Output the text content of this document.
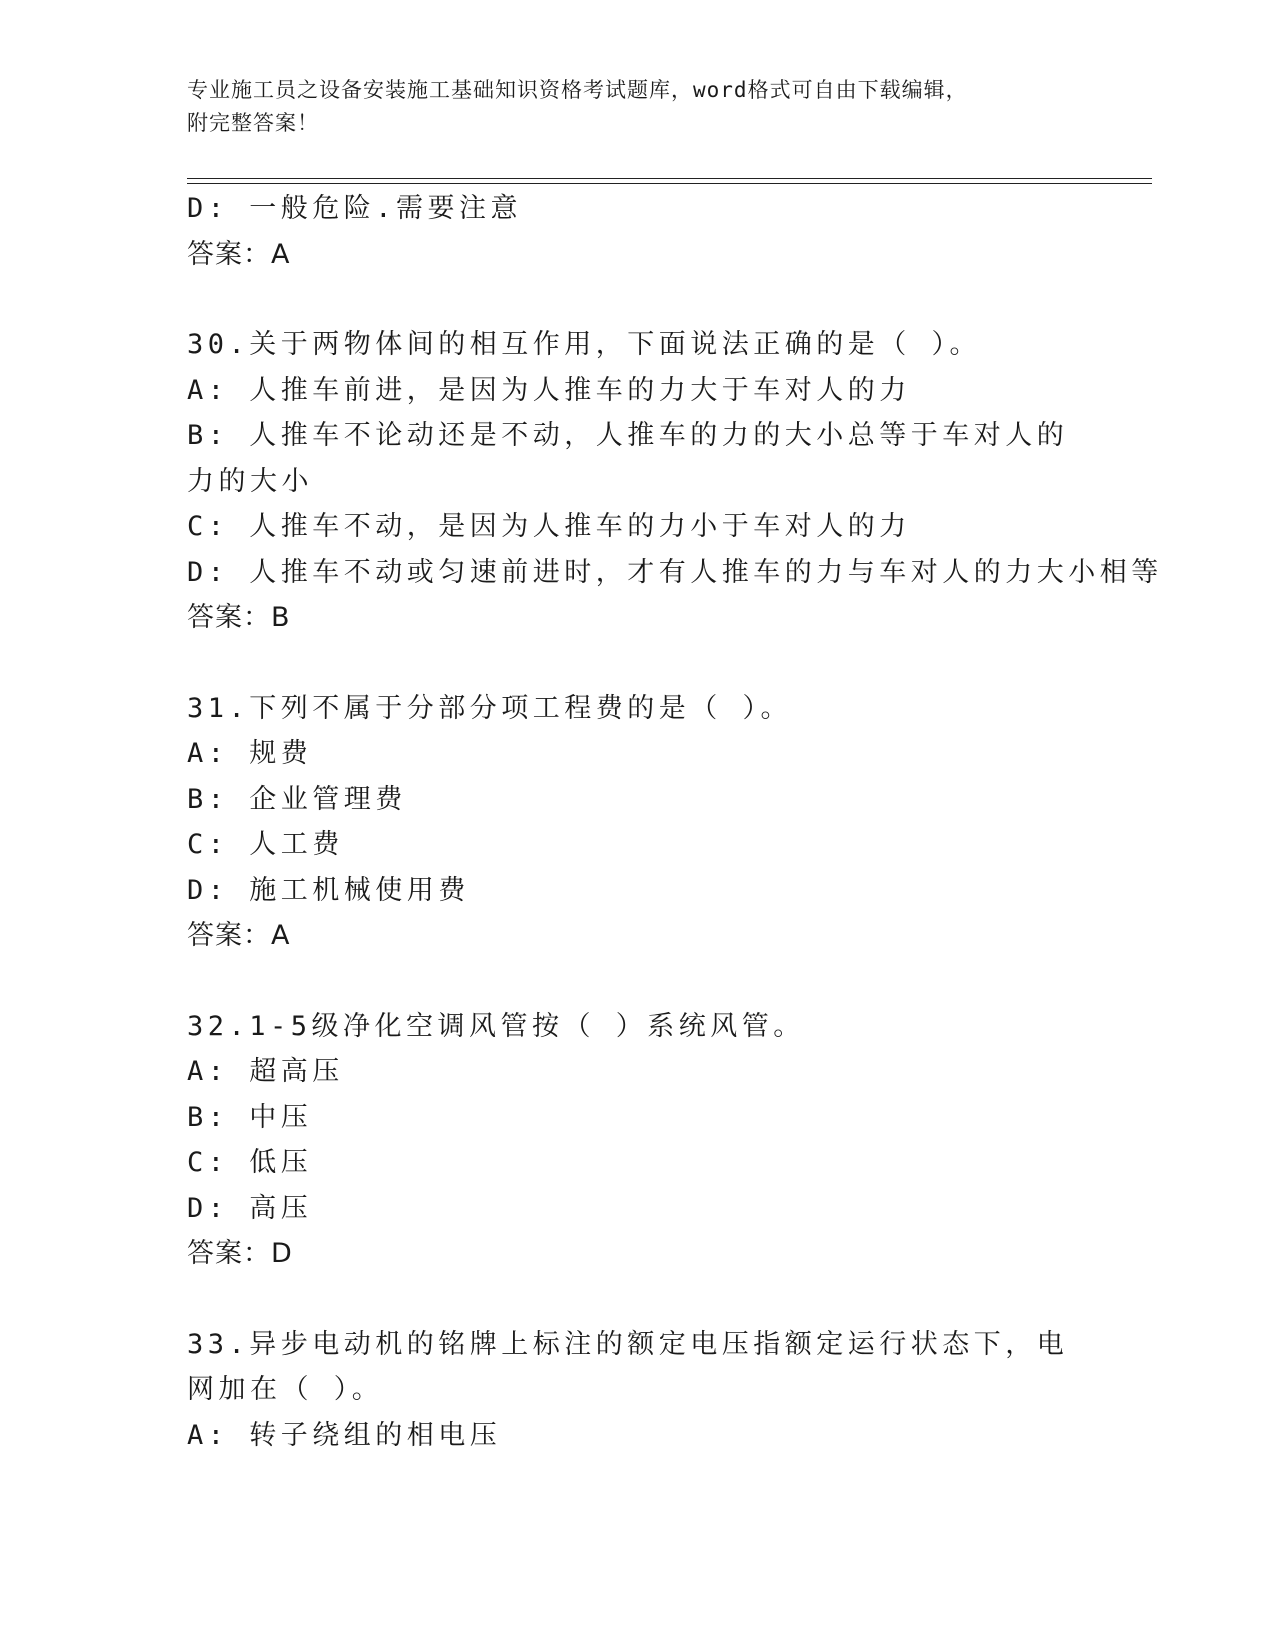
专业施工员之设备安装施工基础知识资格考试题库，word格式可自由下载编辑，
附完整答案！
D: 一般危险.需要注意
答案：A
30.关于两物体间的相互作用，下面说法正确的是（ ）。
A: 人推车前进，是因为人推车的力大于车对人的力
B: 人推车不论动还是不动，人推车的力的大小总等于车对人的力的大小
C: 人推车不动，是因为人推车的力小于车对人的力
D: 人推车不动或匀速前进时，才有人推车的力与车对人的力大小相等
答案：B
31.下列不属于分部分项工程费的是（ ）。
A: 规费
B: 企业管理费
C: 人工费
D: 施工机械使用费
答案：A
32.1-5级净化空调风管按（ ）系统风管。
A: 超高压
B: 中压
C: 低压
D: 高压
答案：D
33.异步电动机的铭牌上标注的额定电压指额定运行状态下，电网加在（ ）。
A: 转子绕组的相电压
